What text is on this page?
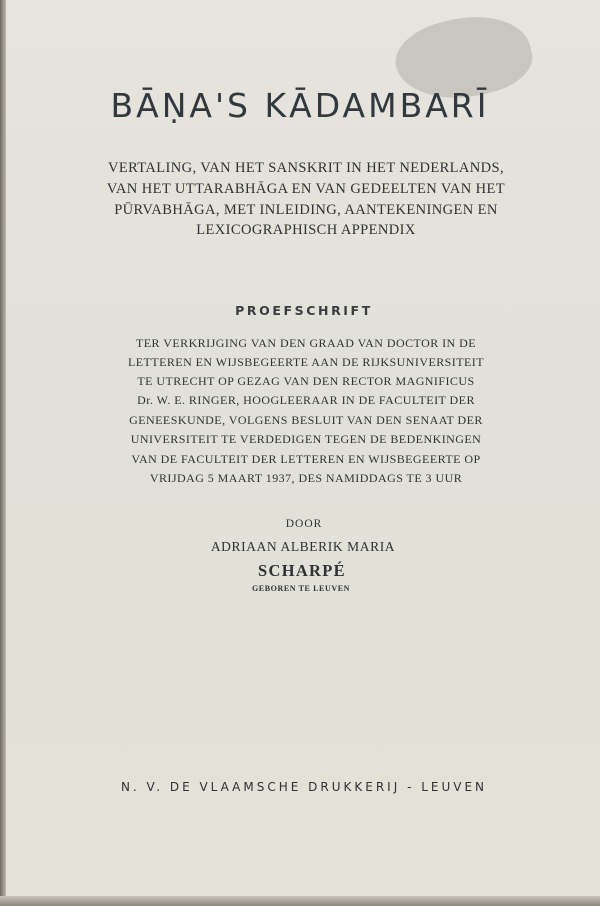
BĀṆA'S KĀDAMBARĪ
VERTALING, VAN HET SANSKRIT IN HET NEDERLANDS,
VAN HET UTTARABHĀGA EN VAN GEDEELTEN VAN HET
PŪRVABHĀGA, MET INLEIDING, AANTEKENINGEN EN
LEXICOGRAPHISCH APPENDIX
PROEFSCHRIFT
TER VERKRIJGING VAN DEN GRAAD VAN DOCTOR IN DE
LETTEREN EN WIJSBEGEERTE AAN DE RIJKSUNIVERSITEIT
TE UTRECHT OP GEZAG VAN DEN RECTOR MAGNIFICUS
Dr. W. E. RINGER, HOOGLEERAAR IN DE FACULTEIT DER
GENEESKUNDE, VOLGENS BESLUIT VAN DEN SENAAT DER
UNIVERSITEIT TE VERDEDIGEN TEGEN DE BEDENKINGEN
VAN DE FACULTEIT DER LETTEREN EN WIJSBEGEERTE OP
VRIJDAG 5 MAART 1937, DES NAMIDDAGS TE 3 UUR
DOOR
ADRIAAN ALBERIK MARIA
SCHARPÉ
GEBOREN TE LEUVEN
N. V. DE VLAAMSCHE DRUKKERIJ - LEUVEN
